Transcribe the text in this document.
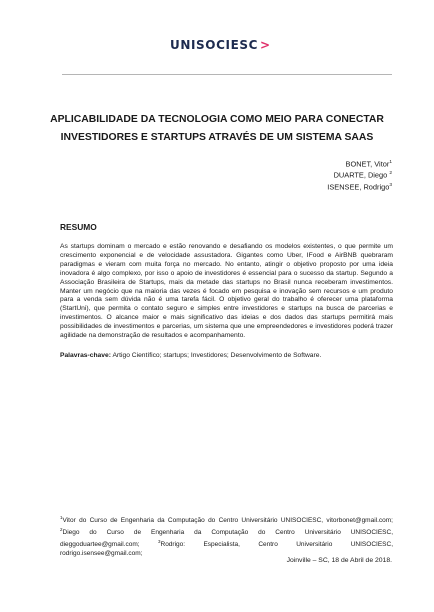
UNISOCIESC >
APLICABILIDADE DA TECNOLOGIA COMO MEIO PARA CONECTAR
INVESTIDORES E STARTUPS ATRAVÉS DE UM SISTEMA SAAS
BONET, Vitor$^1$
DUARTE, Diego $^2$
ISENSEE, Rodrigo$^3$
RESUMO

As startups dominam o mercado e estão renovando e desafiando os modelos existentes, o que permite um crescimento exponencial e de velocidade assustadora. Gigantes como Uber, IFood e AirBNB quebraram paradigmas e vieram com muita força no mercado. No entanto, atingir o objetivo proposto por uma ideia inovadora é algo complexo, por isso o apoio de investidores é essencial para o sucesso da startup. Segundo a Associação Brasileira de Startups, mais da metade das startups no Brasil nunca receberam investimentos. Manter um negócio que na maioria das vezes é focado em pesquisa e inovação sem recursos e um produto para a venda sem dúvida não é uma tarefa fácil. O objetivo geral do trabalho é oferecer uma plataforma (StartUni), que permita o contato seguro e simples entre investidores e startups na busca de parcerias e investimentos. O alcance maior e mais significativo das ideias e dos dados das startups permitirá mais possibilidades de investimentos e parcerias, um sistema que une empreendedores e investidores poderá trazer agilidade na demonstração de resultados e acompanhamento.

Palavras-chave: Artigo Científico; startups; Investidores; Desenvolvimento de Software.

$^1$Vitor do Curso de Engenharia da Computação do Centro Universitário UNISOCIESC, vitorbonet@gmail.com; $^2$Diego do Curso de Engenharia da Computação do Centro Universitário UNISOCIESC, dieggoduartee@gmail.com; $^3$Rodrigo: Especialista, Centro Universitário UNISOCIESC, rodrigo.isensee@gmail.com;

Joinville – SC, 18 de Abril de 2018.
